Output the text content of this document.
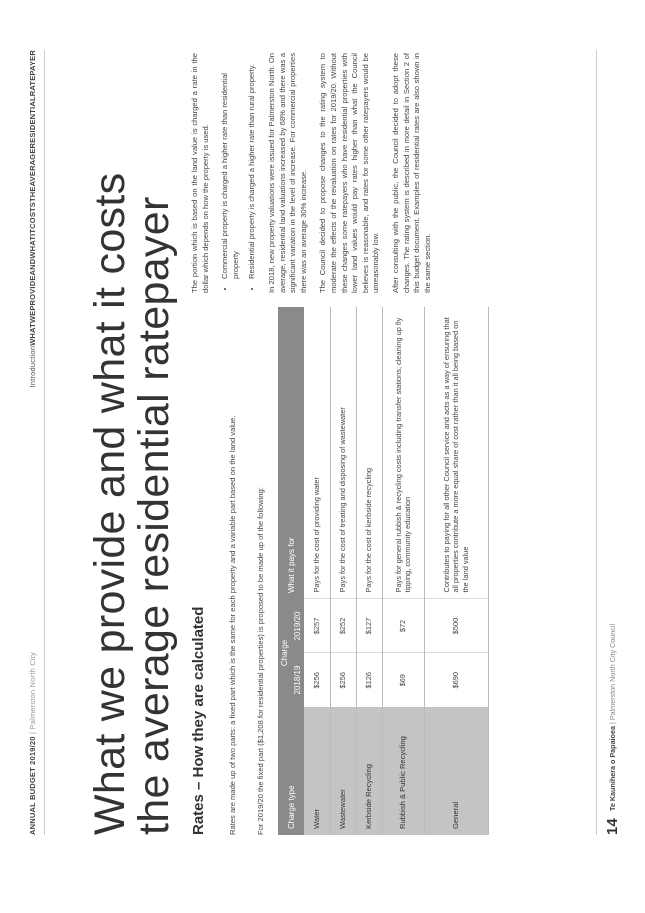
ANNUAL BUDGET 2019/20 | Palmerston North City
IntroductionWHATWEPROVIDEANDWHATITCOSTSTHEAVERAGERESIDENTIALRATEPAYER What we provide and what it costs the average residential ratepayer Rates – How they are calculated	Rates are made up of two parts: a fixed part which is the same for each property and a variable part based on the land value.	For 2019/20 the fixed part ($1,208 for residential properties) is proposed to be made up of the following:	Charge type	Charge		What it pays for
	2018/19	2019/20	
Water	$256	$257	Pays for the cost of providing water
Wastewater	$256	$252	Pays for the cost of treating and disposing of wastewater
Kerbside Recycling	$126	$127	Pays for the cost of kerbside recycling
Rubbish & Public Recycling	$69	$72	Pays for general rubbish & recycling costs including transfer stations, cleaning up fly tipping, community education
General	$690	$500	Contributes to paying for all other Council service and acts as a way of ensuring that all properties contribute a more equal share of cost rather than it all being based on the land value

The portion which is based on the land value is charged a rate in the dollar which depends on how the property is used. • Commercial property is charged a higher rate than residential property • Residential property is charged a higher rate than rural property. In 2018, new property valuations were issued for Palmerston North. On average, residential land valuations increased by 68% and there was a significant variation in the level of increase. For commercial properties there was an average 30% increase. The Council decided to propose changes to the rating system to moderate the effects of the revaluation on rates for 2019/20. Without these changes some ratepayers who have residential properties with lower land values would pay rates higher than what the Council believes is reasonable, and rates for some other ratepayers would be unreasonably low. After consulting with the public, the Council decided to adopt these changes. The rating system is described in more detail in Section 2 of this budget document. Examples of residential rates are also shown in the same section.

14
Te Kaunihera o Papaioea | Palmerston North City Council
